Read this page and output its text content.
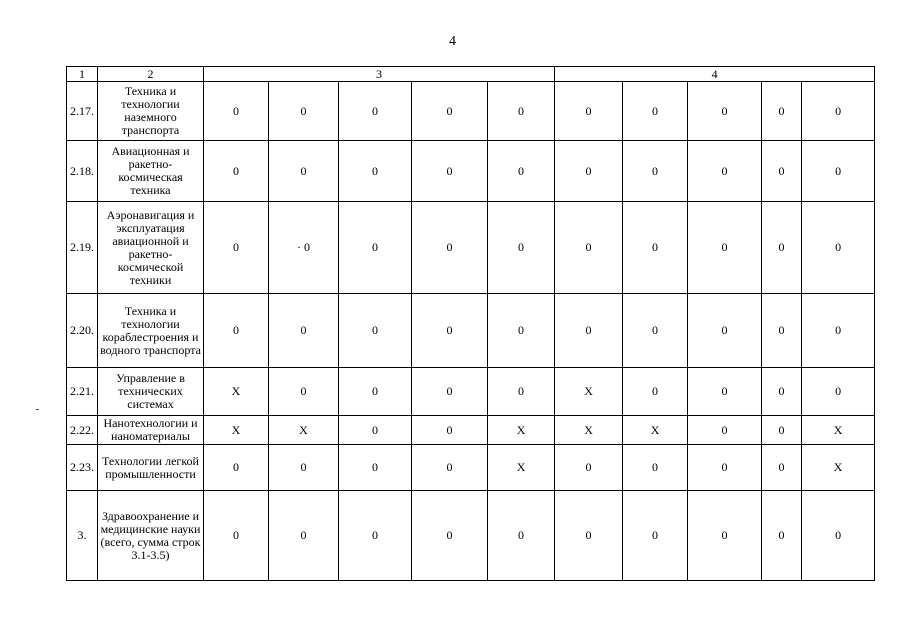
4
1	2	3					4				
2.17.	Техника и технологии наземного транспорта	0	0	0	0	0	0	0	0	0	0
2.18.	Авиационная и ракетно-космическая техника	0	0	0	0	0	0	0	0	0	0
2.19.	Аэронавигация и эксплуатация авиационной и ракетно-космической техники	0	· 0	0	0	0	0	0	0	0	0
2.20.	Техника и технологии кораблестроения и водного транспорта	0	0	0	0	0	0	0	0	0	0
2.21.	Управление в технических системах	X	0	0	0	0	X	0	0	0	0
2.22.	Нанотехнологии и наноматериалы	X	X	0	0	X	X	X	0	0	X
2.23.	Технологии легкой промышленности	0	0	0	0	X	0	0	0	0	X
3.	Здравоохранение и медицинские науки (всего, сумма строк 3.1-3.5)	0	0	0	0	0	0	0	0	0	0
